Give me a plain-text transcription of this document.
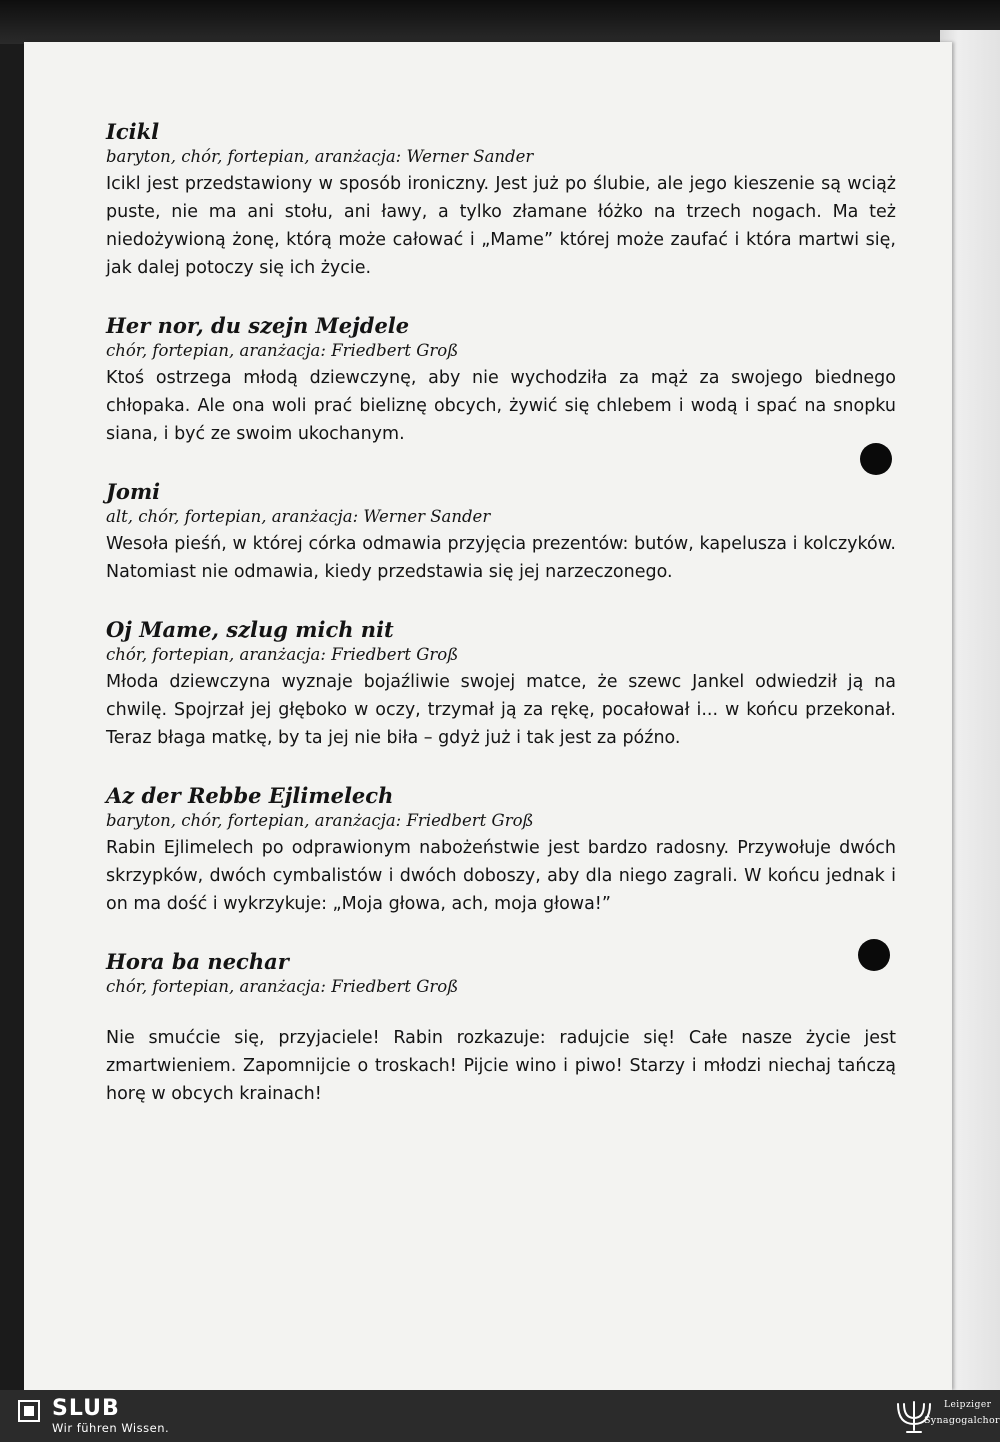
Icikl
baryton, chór, fortepian, aranżacja: Werner Sander
Icikl jest przedstawiony w sposób ironiczny. Jest już po ślubie, ale jego kieszenie są wciąż puste, nie ma ani stołu, ani ławy, a tylko złamane łóżko na trzech nogach. Ma też niedożywioną żonę, którą może całować i „Mame” której może zaufać i która martwi się, jak dalej potoczy się ich życie.
Her nor, du szejn Mejdele
chór, fortepian, aranżacja: Friedbert Groß
Ktoś ostrzega młodą dziewczynę, aby nie wychodziła za mąż za swojego biednego chłopaka. Ale ona woli prać bieliznę obcych, żywić się chlebem i wodą i spać na snopku siana, i być ze swoim ukochanym.
Jomi
alt, chór, fortepian, aranżacja: Werner Sander
Wesoła pieśń, w której córka odmawia przyjęcia prezentów: butów, kapelusza i kolczyków. Natomiast nie odmawia, kiedy przedstawia się jej narzeczonego.
Oj Mame, szlug mich nit
chór, fortepian, aranżacja: Friedbert Groß
Młoda dziewczyna wyznaje bojaźliwie swojej matce, że szewc Jankel odwiedził ją na chwilę. Spojrzał jej głęboko w oczy, trzymał ją za rękę, pocałował i... w końcu przekonał. Teraz błaga matkę, by ta jej nie biła – gdyż już i tak jest za późno.
Az der Rebbe Ejlimelech
baryton, chór, fortepian, aranżacja: Friedbert Groß
Rabin Ejlimelech po odprawionym nabożeństwie jest bardzo radosny. Przywołuje dwóch skrzypków, dwóch cymbalistów i dwóch doboszy, aby dla niego zagrali. W końcu jednak i on ma dość i wykrzykuje: „Moja głowa, ach, moja głowa!”
Hora ba nechar
chór, fortepian, aranżacja: Friedbert Groß
Nie smućcie się, przyjaciele! Rabin rozkazuje: radujcie się! Całe nasze życie jest zmartwieniem. Zapomnijcie o troskach! Pijcie wino i piwo! Starzy i młodzi niechaj tańczą horę w obcych krainach!
SLUB
Wir führen Wissen.
Leipziger
Synagogalchor
